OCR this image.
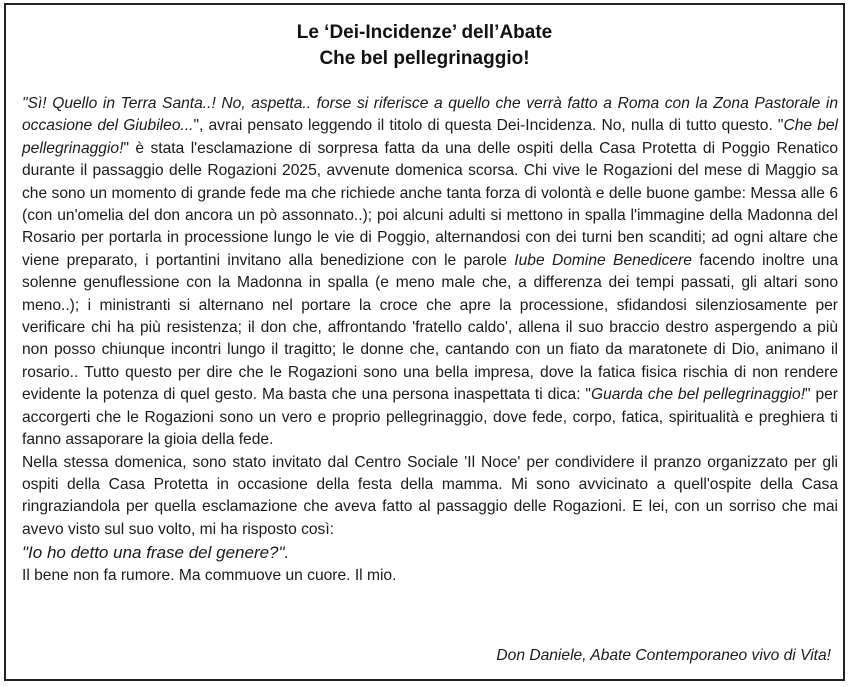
Le ‘Dei-Incidenze’ dell’Abate
Che bel pellegrinaggio!

"Sì! Quello in Terra Santa..! No, aspetta.. forse si riferisce a quello che verrà fatto a Roma con la Zona Pastorale in occasione del Giubileo...", avrai pensato leggendo il titolo di questa Dei-Incidenza. No, nulla di tutto questo. "Che bel pellegrinaggio!" è stata l'esclamazione di sorpresa fatta da una delle ospiti della Casa Protetta di Poggio Renatico durante il passaggio delle Rogazioni 2025, avvenute domenica scorsa. Chi vive le Rogazioni del mese di Maggio sa che sono un momento di grande fede ma che richiede anche tanta forza di volontà e delle buone gambe: Messa alle 6 (con un'omelia del don ancora un pò assonnato..); poi alcuni adulti si mettono in spalla l'immagine della Madonna del Rosario per portarla in processione lungo le vie di Poggio, alternandosi con dei turni ben scanditi; ad ogni altare che viene preparato, i portantini invitano alla benedizione con le parole Iube Domine Benedicere facendo inoltre una solenne genuflessione con la Madonna in spalla (e meno male che, a differenza dei tempi passati, gli altari sono meno..); i ministranti si alternano nel portare la croce che apre la processione, sfidandosi silenziosamente per verificare chi ha più resistenza; il don che, affrontando 'fratello caldo', allena il suo braccio destro aspergendo a più non posso chiunque incontri lungo il tragitto; le donne che, cantando con un fiato da maratonete di Dio, animano il rosario.. Tutto questo per dire che le Rogazioni sono una bella impresa, dove la fatica fisica rischia di non rendere evidente la potenza di quel gesto. Ma basta che una persona inaspettata ti dica: "Guarda che bel pellegrinaggio!" per accorgerti che le Rogazioni sono un vero e proprio pellegrinaggio, dove fede, corpo, fatica, spiritualità e preghiera ti fanno assaporare la gioia della fede.

Nella stessa domenica, sono stato invitato dal Centro Sociale 'Il Noce' per condividere il pranzo organizzato per gli ospiti della Casa Protetta in occasione della festa della mamma. Mi sono avvicinato a quell'ospite della Casa ringraziandola per quella esclamazione che aveva fatto al passaggio delle Rogazioni. E lei, con un sorriso che mai avevo visto sul suo volto, mi ha risposto così:

"Io ho detto una frase del genere?".

Il bene non fa rumore. Ma commuove un cuore. Il mio.

Don Daniele, Abate Contemporaneo vivo di Vita!
